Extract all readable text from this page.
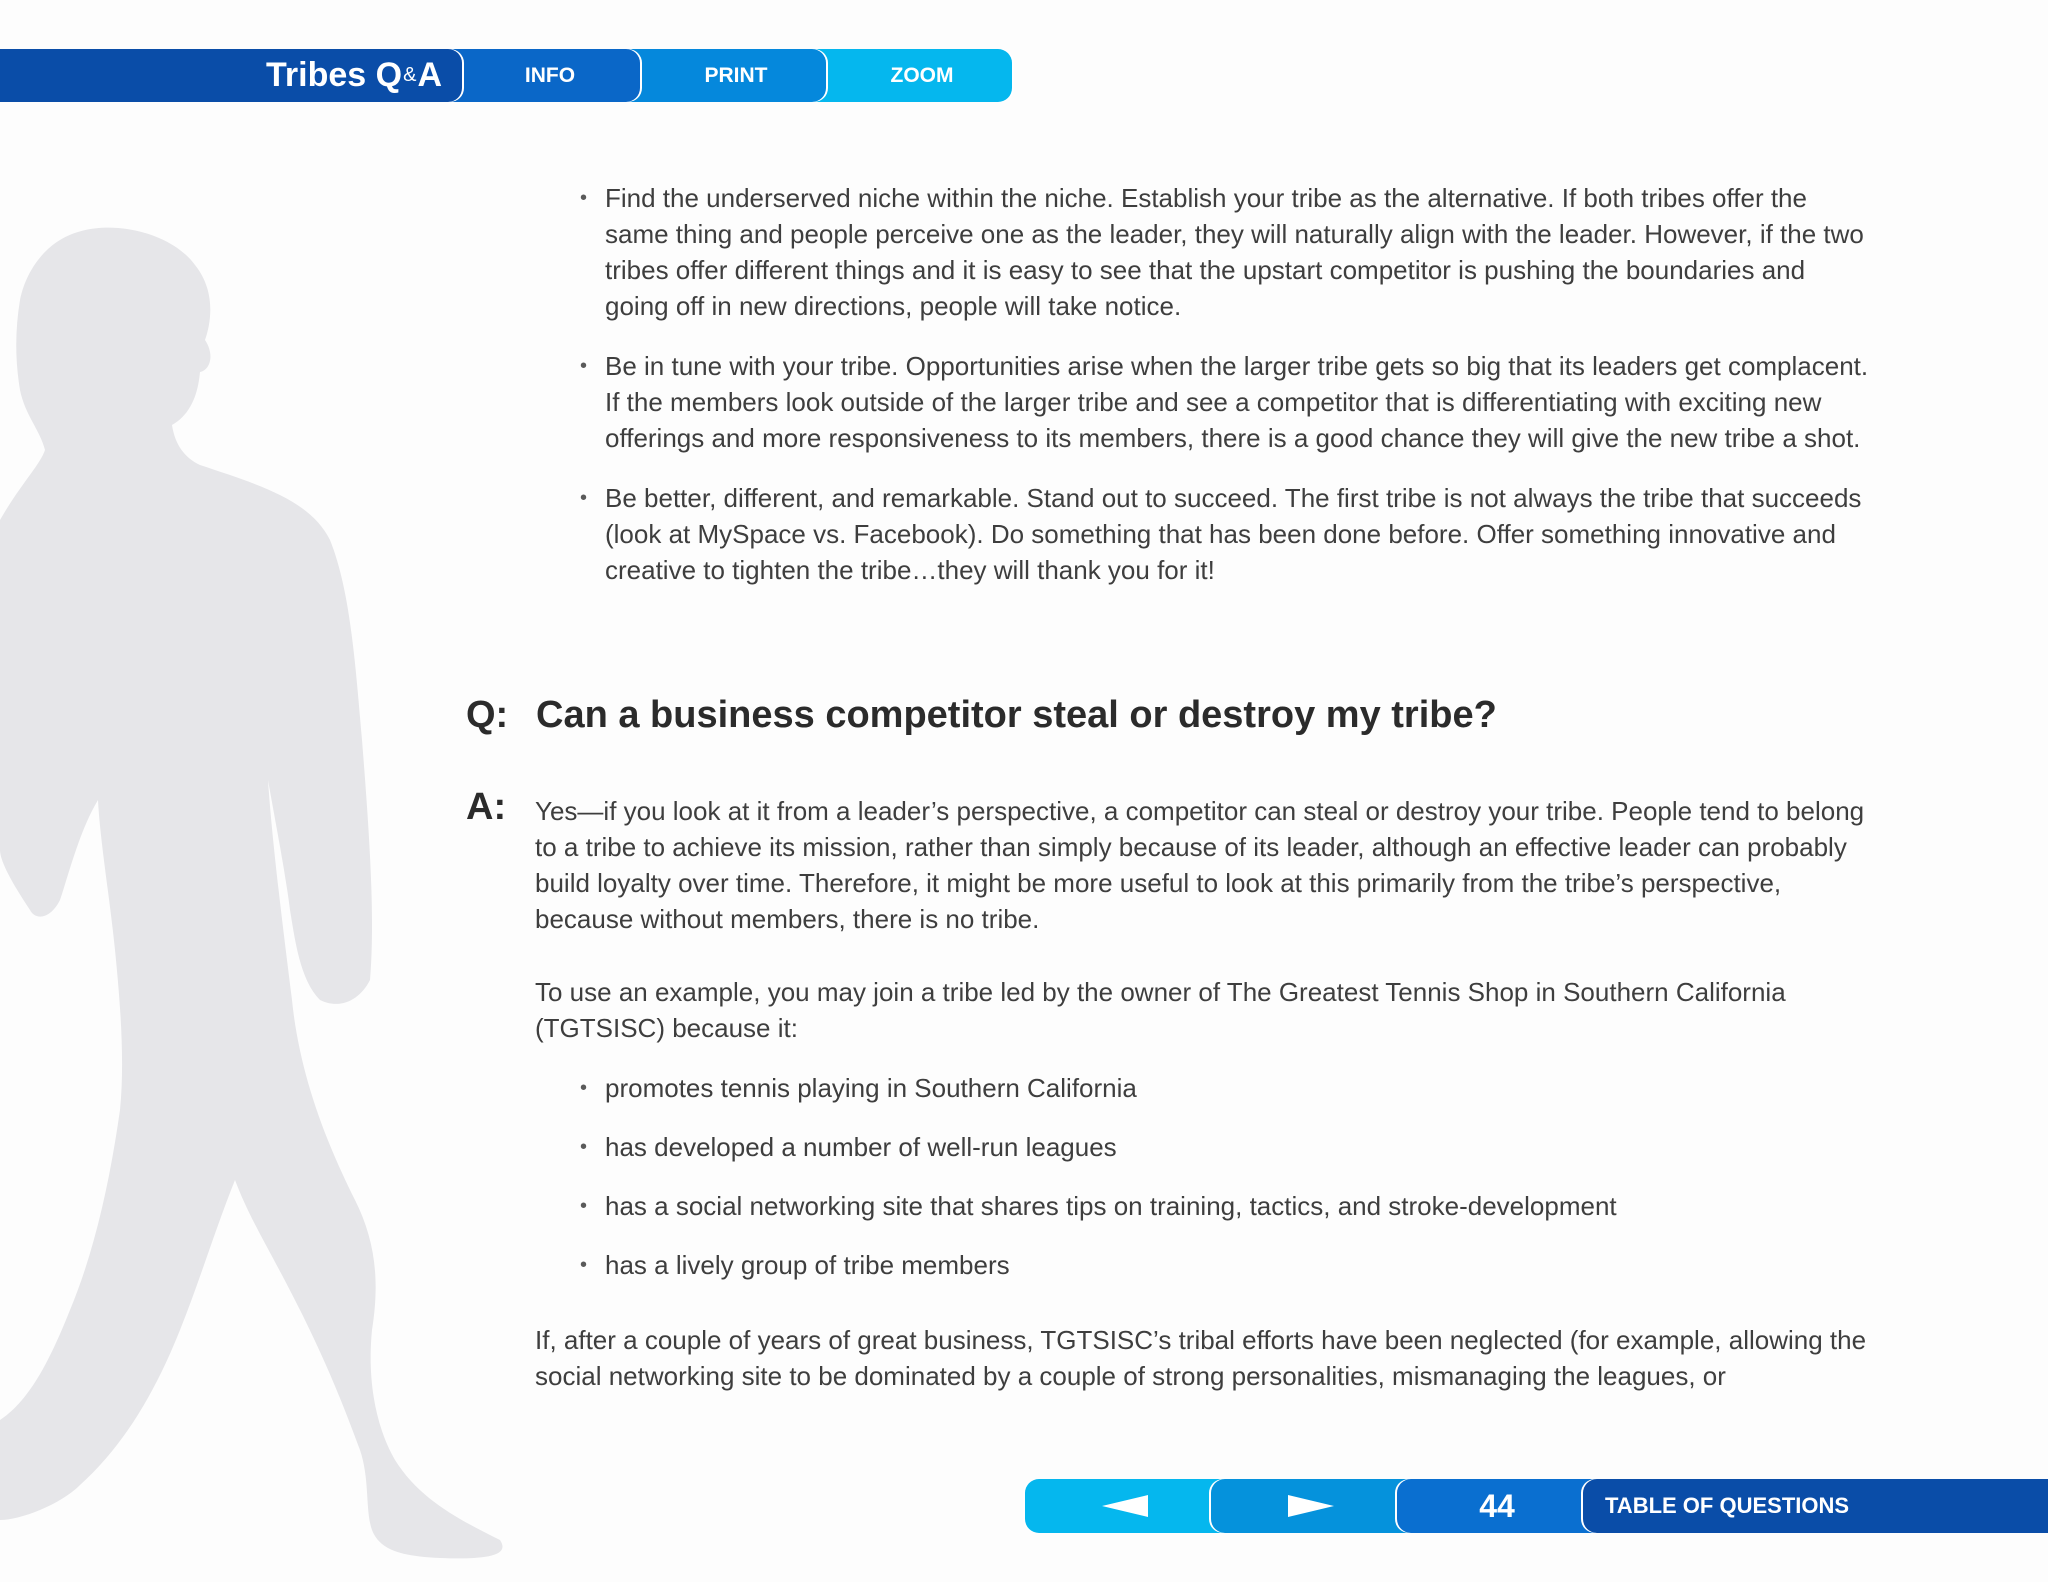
Tribes Q & A	INFO	PRINT	ZOOM
• Find the underserved niche within the niche. Establish your tribe as the alternative. If both tribes offer the same thing and people perceive one as the leader, they will naturally align with the leader. However, if the two tribes offer different things and it is easy to see that the upstart competitor is pushing the boundaries and going off in new directions, people will take notice.
• Be in tune with your tribe. Opportunities arise when the larger tribe gets so big that its leaders get complacent. If the members look outside of the larger tribe and see a competitor that is differentiating with exciting new offerings and more responsiveness to its members, there is a good chance they will give the new tribe a shot.
• Be better, different, and remarkable. Stand out to succeed. The first tribe is not always the tribe that succeeds (look at MySpace vs. Facebook). Do something that has been done before. Offer something innovative and creative to tighten the tribe…they will thank you for it!
Q: Can a business competitor steal or destroy my tribe?
A: Yes—if you look at it from a leader’s perspective, a competitor can steal or destroy your tribe. People tend to belong to a tribe to achieve its mission, rather than simply because of its leader, although an effective leader can probably build loyalty over time. Therefore, it might be more useful to look at this primarily from the tribe’s perspective, because without members, there is no tribe.

To use an example, you may join a tribe led by the owner of The Greatest Tennis Shop in Southern California (TGTSISC) because it:

• promotes tennis playing in Southern California
• has developed a number of well-run leagues
• has a social networking site that shares tips on training, tactics, and stroke-development
• has a lively group of tribe members

If, after a couple of years of great business, TGTSISC’s tribal efforts have been neglected (for example, allowing the social networking site to be dominated by a couple of strong personalities, mismanaging the leagues, or

44	TABLE OF QUESTIONS
